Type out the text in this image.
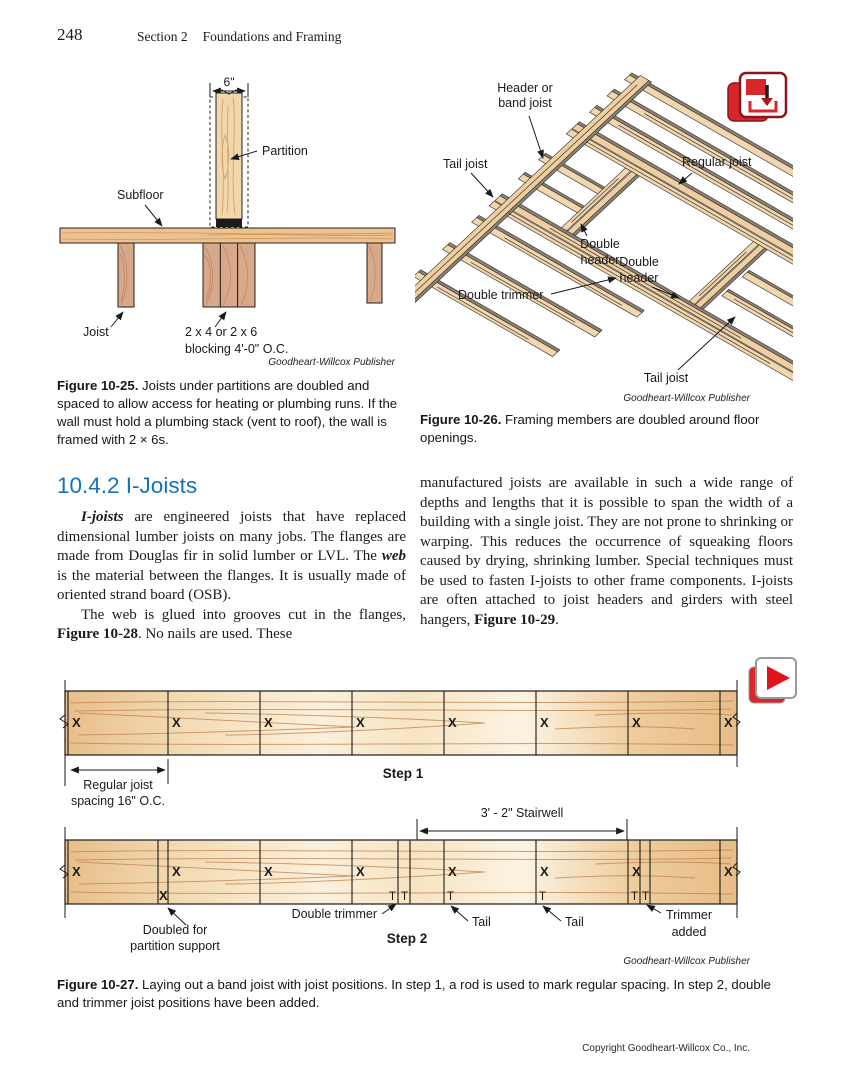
248	Section 2 Foundations and Framing
6"
Partition
Subfloor
Joist	2 x 4 or 2 x 6
blocking 4'-0" O.C.
Goodheart-Willcox Publisher
Figure 10-25. Joists under partitions are doubled and spaced to allow access for heating or plumbing runs. If the wall must hold a plumbing stack (vent to roof), the wall is framed with 2 × 6s.
Header or
band joist
Tail joist	Regular joist
Double
header Double
header
Double trimmer
Tail joist
Goodheart-Willcox Publisher
Figure 10-26. Framing members are doubled around floor openings.
10.4.2 I-Joists

I-joists are engineered joists that have replaced dimensional lumber joists on many jobs. The flanges are made from Douglas fir in solid lumber or LVL. The web is the material between the flanges. It is usually made of oriented strand board (OSB).

The web is glued into grooves cut in the flanges, Figure 10-28. No nails are used. These

manufactured joists are available in such a wide range of depths and lengths that it is possible to span the width of a building with a single joist. They are not prone to shrinking or warping. This reduces the occurrence of squeaking floors caused by drying, shrinking lumber. Special techniques must be used to fasten I-joists to other frame components. I-joists are often attached to joist headers and girders with steel hangers, Figure 10-29.

X	X	X	X	X	X	X	X
Regular joist
spacing 16" O.C.
Step 1
3' - 2" Stairwell
X	X	X	X	X	X	X	X
X	T T	T	T	T T
Double trimmer
Doubled for
partition support
Tail	Tail	Trimmer
added
Step 2
Goodheart-Willcox Publisher
Figure 10-27. Laying out a band joist with joist positions. In step 1, a rod is used to mark regular spacing. In step 2, double and trimmer joist positions have been added.
Copyright Goodheart-Willcox Co., Inc.
